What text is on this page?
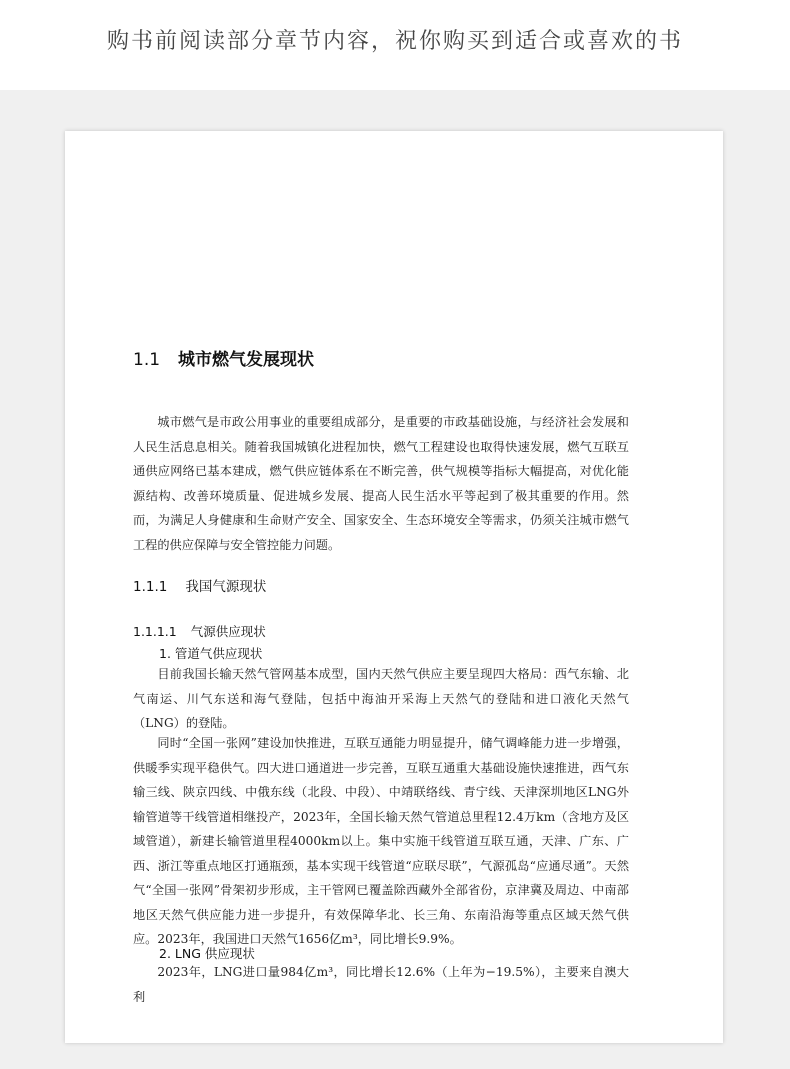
购书前阅读部分章节内容，祝你购买到适合或喜欢的书
1.1 城市燃气发展现状

城市燃气是市政公用事业的重要组成部分，是重要的市政基础设施，与经济社会发展和人民生活息息相关。随着我国城镇化进程加快，燃气工程建设也取得快速发展，燃气互联互通供应网络已基本建成，燃气供应链体系在不断完善，供气规模等指标大幅提高，对优化能源结构、改善环境质量、促进城乡发展、提高人民生活水平等起到了极其重要的作用。然而，为满足人身健康和生命财产安全、国家安全、生态环境安全等需求，仍须关注城市燃气工程的供应保障与安全管控能力问题。

1.1.1 我国气源现状
1.1.1.1 气源供应现状
1. 管道气供应现状

目前我国长输天然气管网基本成型，国内天然气供应主要呈现四大格局：西气东输、北气南运、川气东送和海气登陆，包括中海油开采海上天然气的登陆和进口液化天然气（LNG）的登陆。

同时“全国一张网”建设加快推进，互联互通能力明显提升，储气调峰能力进一步增强，供暖季实现平稳供气。四大进口通道进一步完善，互联互通重大基础设施快速推进，西气东输三线、陕京四线、中俄东线（北段、中段）、中靖联络线、青宁线、天津深圳地区LNG外输管道等干线管道相继投产，2023年，全国长输天然气管道总里程12.4万km（含地方及区域管道），新建长输管道里程4000km以上。集中实施干线管道互联互通，天津、广东、广西、浙江等重点地区打通瓶颈，基本实现干线管道“应联尽联”，气源孤岛“应通尽通”。天然气“全国一张网”骨架初步形成，主干管网已覆盖除西藏外全部省份，京津冀及周边、中南部地区天然气供应能力进一步提升，有效保障华北、长三角、东南沿海等重点区域天然气供应。2023年，我国进口天然气1656亿m³，同比增长9.9%。

2. LNG 供应现状

2023年，LNG进口量984亿m³，同比增长12.6%（上年为−19.5%），主要来自澳大利
